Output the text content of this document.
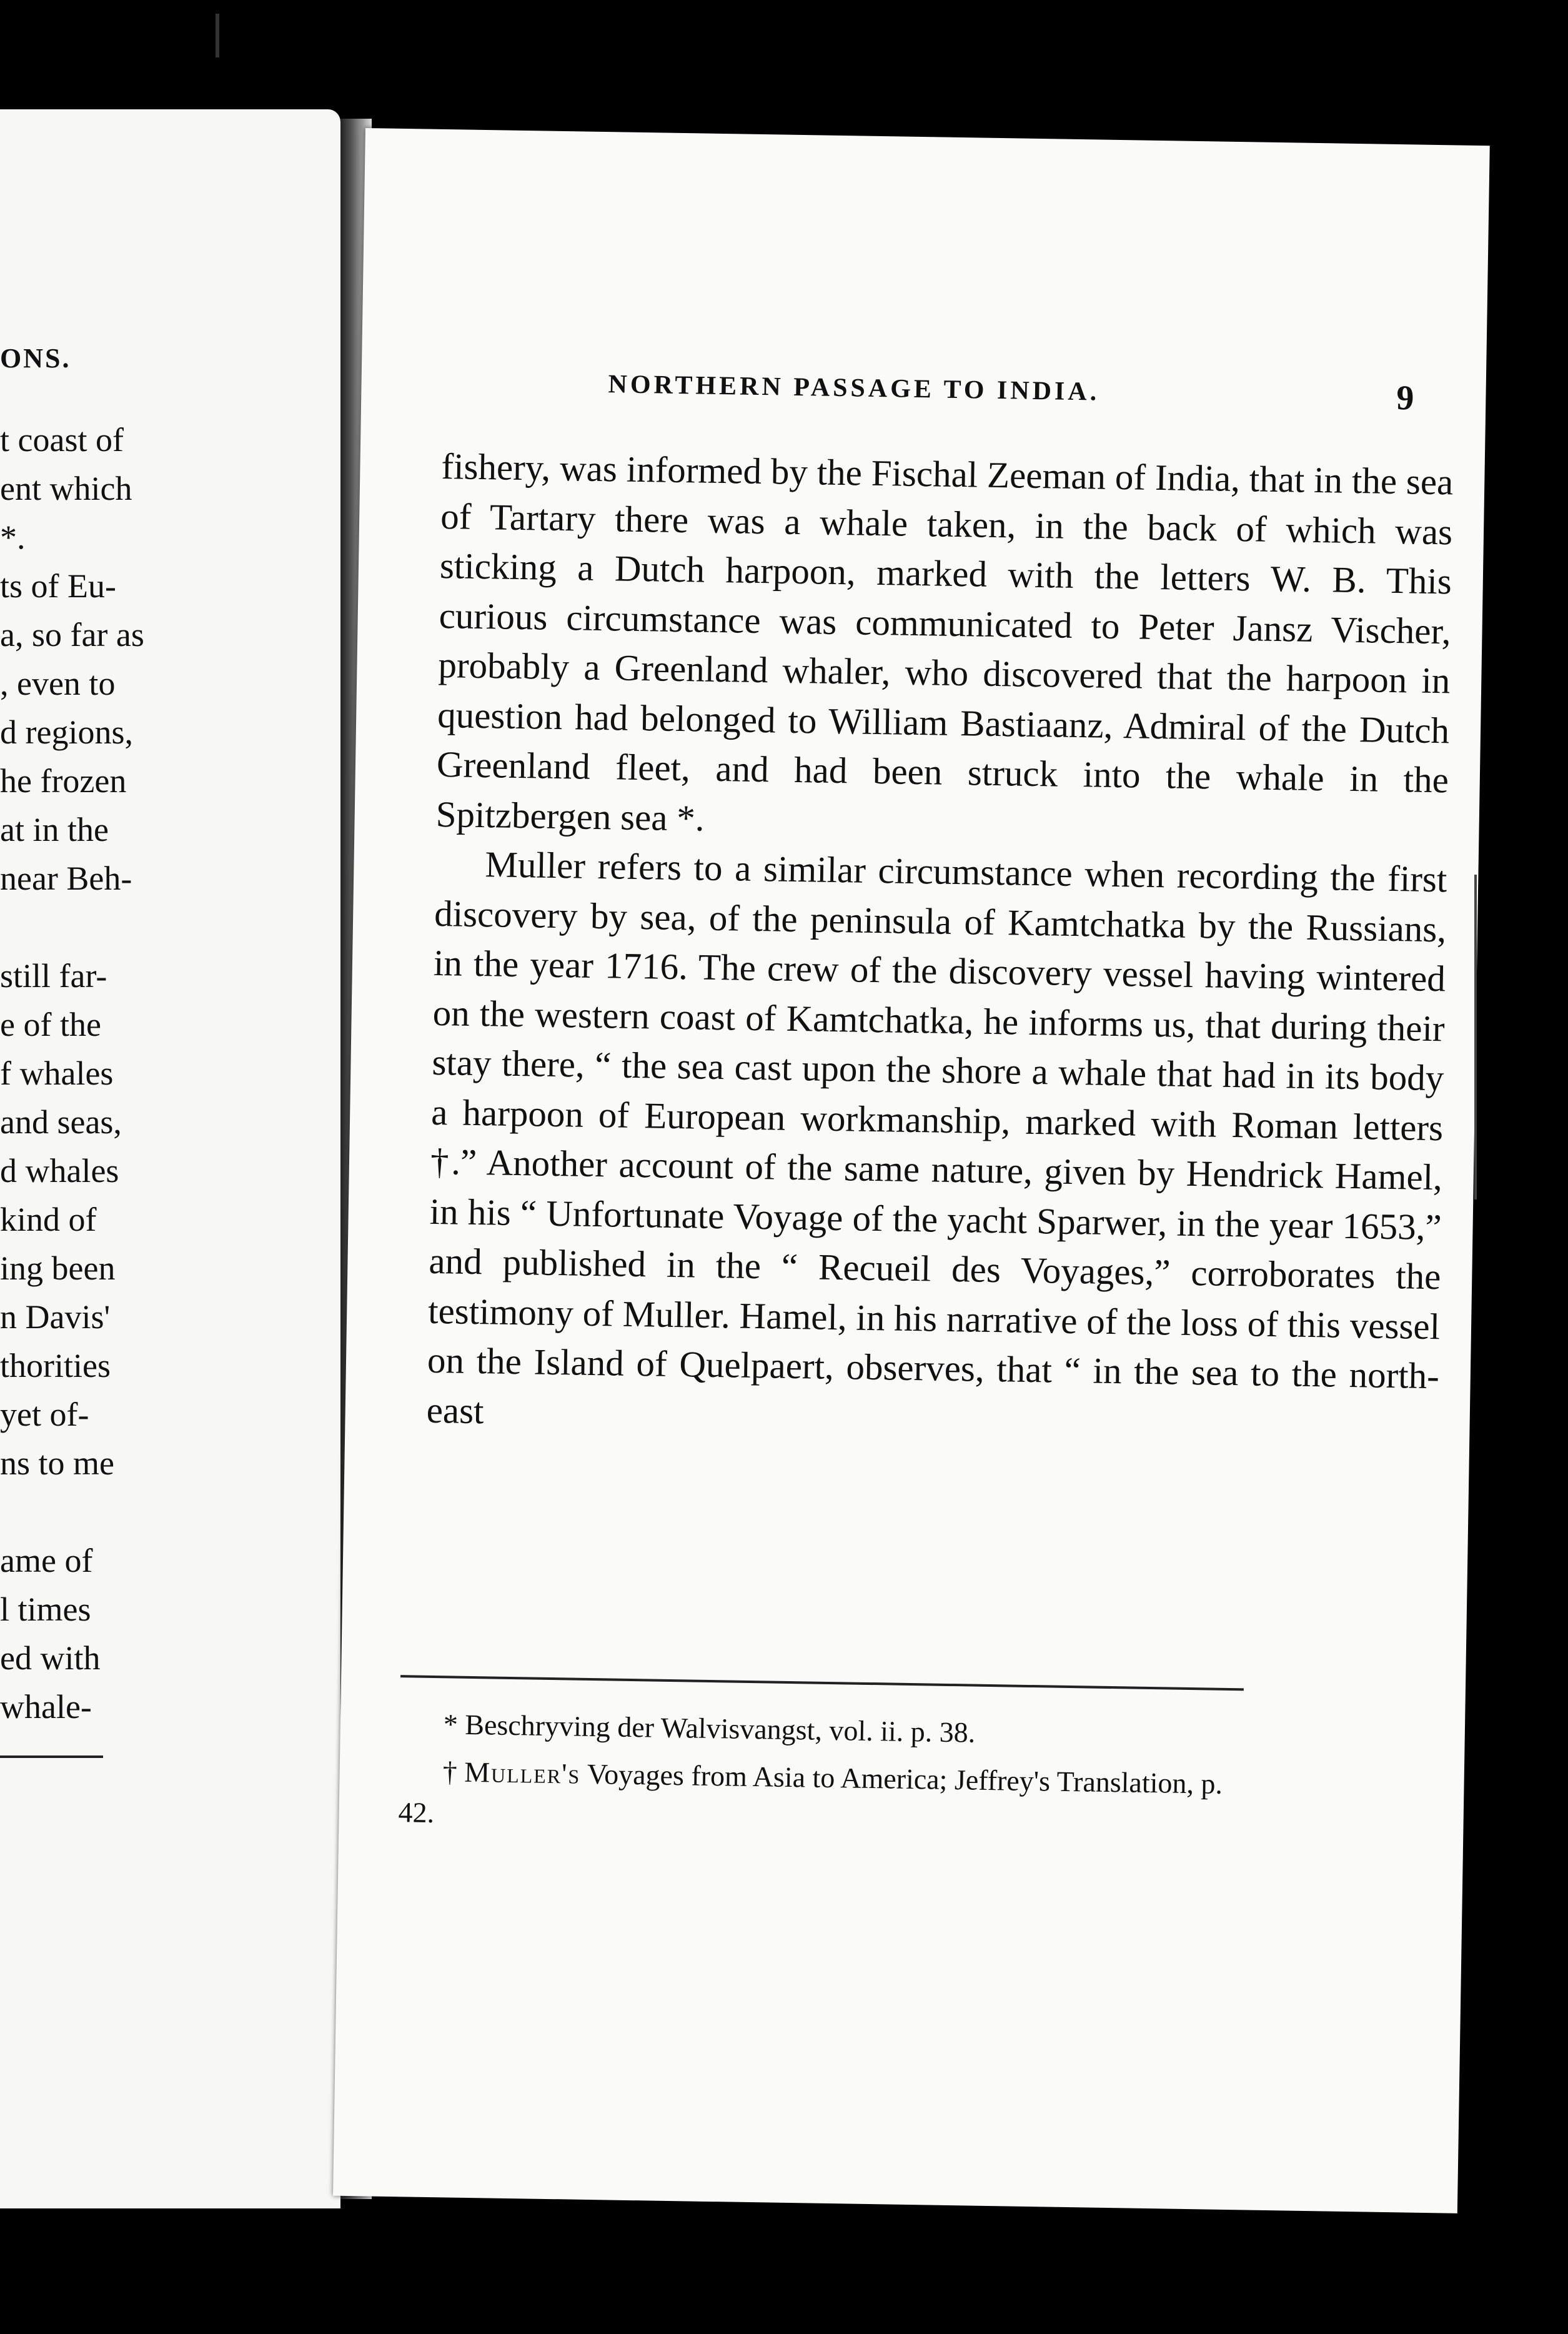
ONS.
t coast of
ent which
*.
ts of Eu-
a, so far as
, even to
d regions,
he frozen
at in the
near Beh-
still far-
e of the
f whales
and seas,
d whales
kind of
ing been
n Davis'
thorities
yet of-
ns to me
ame of
l times
ed with
whale-
NORTHERN PASSAGE TO INDIA.	9

fishery, was informed by the Fischal Zeeman of India, that in the sea of Tartary there was a whale taken, in the back of which was sticking a Dutch harpoon, marked with the letters W. B. This curious circumstance was communicated to Peter Jansz Vischer, probably a Greenland whaler, who discovered that the harpoon in question had belonged to William Bastiaanz, Admiral of the Dutch Greenland fleet, and had been struck into the whale in the Spitzbergen sea *.

Muller refers to a similar circumstance when recording the first discovery by sea, of the peninsula of Kamtchatka by the Russians, in the year 1716. The crew of the discovery vessel having wintered on the western coast of Kamtchatka, he informs us, that during their stay there, “ the sea cast upon the shore a whale that had in its body a harpoon of European workmanship, marked with Roman letters †.” Another account of the same nature, given by Hendrick Hamel, in his “ Unfortunate Voyage of the yacht Sparwer, in the year 1653,” and published in the “ Recueil des Voyages,” corroborates the testimony of Muller. Hamel, in his narrative of the loss of this vessel on the Island of Quelpaert, observes, that “ in the sea to the north-east

* Beschryving der Walvisvangst, vol. ii. p. 38.

† Muller's Voyages from Asia to America; Jeffrey's Translation, p. 42.
